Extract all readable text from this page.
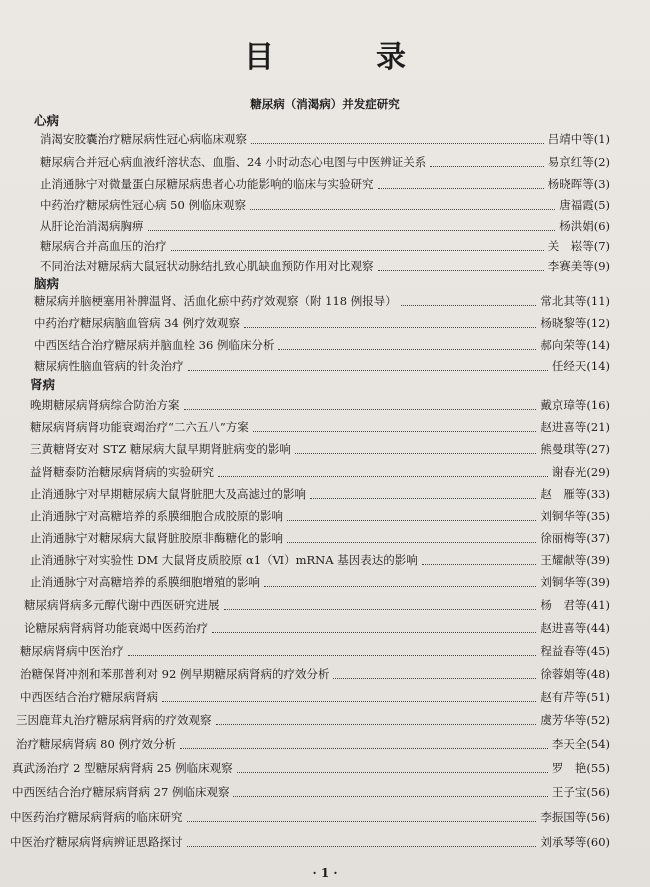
目　录
糖尿病（消渴病）并发症研究
心病
消渴安胶囊治疗糖尿病性冠心病临床观察	吕靖中等(1)
糖尿病合并冠心病血液纤溶状态、血脂、24 小时动态心电图与中医辨证关系	易京红等(2)
止消通脉宁对微量蛋白尿糖尿病患者心功能影响的临床与实验研究	杨晓晖等(3)
中药治疗糖尿病性冠心病 50 例临床观察	唐福霞(5)
从肝论治消渴病胸痹	杨洪娟(6)
糖尿病合并高血压的治疗	关　崧等(7)
不同治法对糖尿病大鼠冠状动脉结扎致心肌缺血预防作用对比观察	李赛美等(9)
脑病
糖尿病并脑梗塞用补脾温肾、活血化瘀中药疗效观察（附 118 例报导）	常北其等(11)
中药治疗糖尿病脑血管病 34 例疗效观察	杨晓黎等(12)
中西医结合治疗糖尿病并脑血栓 36 例临床分析	郝向荣等(14)
糖尿病性脑血管病的针灸治疗	任经天(14)
肾病
晚期糖尿病肾病综合防治方案	戴京璋等(16)
糖尿病肾病肾功能衰竭治疗“二六五八”方案	赵进喜等(21)
三黄糖肾安对 STZ 糖尿病大鼠早期肾脏病变的影响	熊曼琪等(27)
益肾糖泰防治糖尿病肾病的实验研究	谢春光(29)
止消通脉宁对早期糖尿病大鼠肾脏肥大及高滤过的影响	赵　雁等(33)
止消通脉宁对高糖培养的系膜细胞合成胶原的影响	刘铜华等(35)
止消通脉宁对糖尿病大鼠肾脏胶原非酶糖化的影响	徐丽梅等(37)
止消通脉宁对实验性 DM 大鼠肾皮质胶原 α1（Ⅵ）mRNA 基因表达的影响	王耀献等(39)
止消通脉宁对高糖培养的系膜细胞增殖的影响	刘铜华等(39)
糖尿病肾病多元醇代谢中西医研究进展	杨　君等(41)
论糖尿病肾病肾功能衰竭中医药治疗	赵进喜等(44)
糖尿病肾病中医治疗	程益春等(45)
治糖保肾冲剂和苯那普利对 92 例早期糖尿病肾病的疗效分析	徐蓉娟等(48)
中西医结合治疗糖尿病肾病	赵有芹等(51)
三因鹿茸丸治疗糖尿病肾病的疗效观察	虞芳华等(52)
治疗糖尿病肾病 80 例疗效分析	李天全(54)
真武汤治疗 2 型糖尿病肾病 25 例临床观察	罗　艳(55)
中西医结合治疗糖尿病肾病 27 例临床观察	王子宝(56)
中医药治疗糖尿病肾病的临床研究	李振国等(56)
中医治疗糖尿病肾病辨证思路探讨	刘承琴等(60)
· 1 ·
